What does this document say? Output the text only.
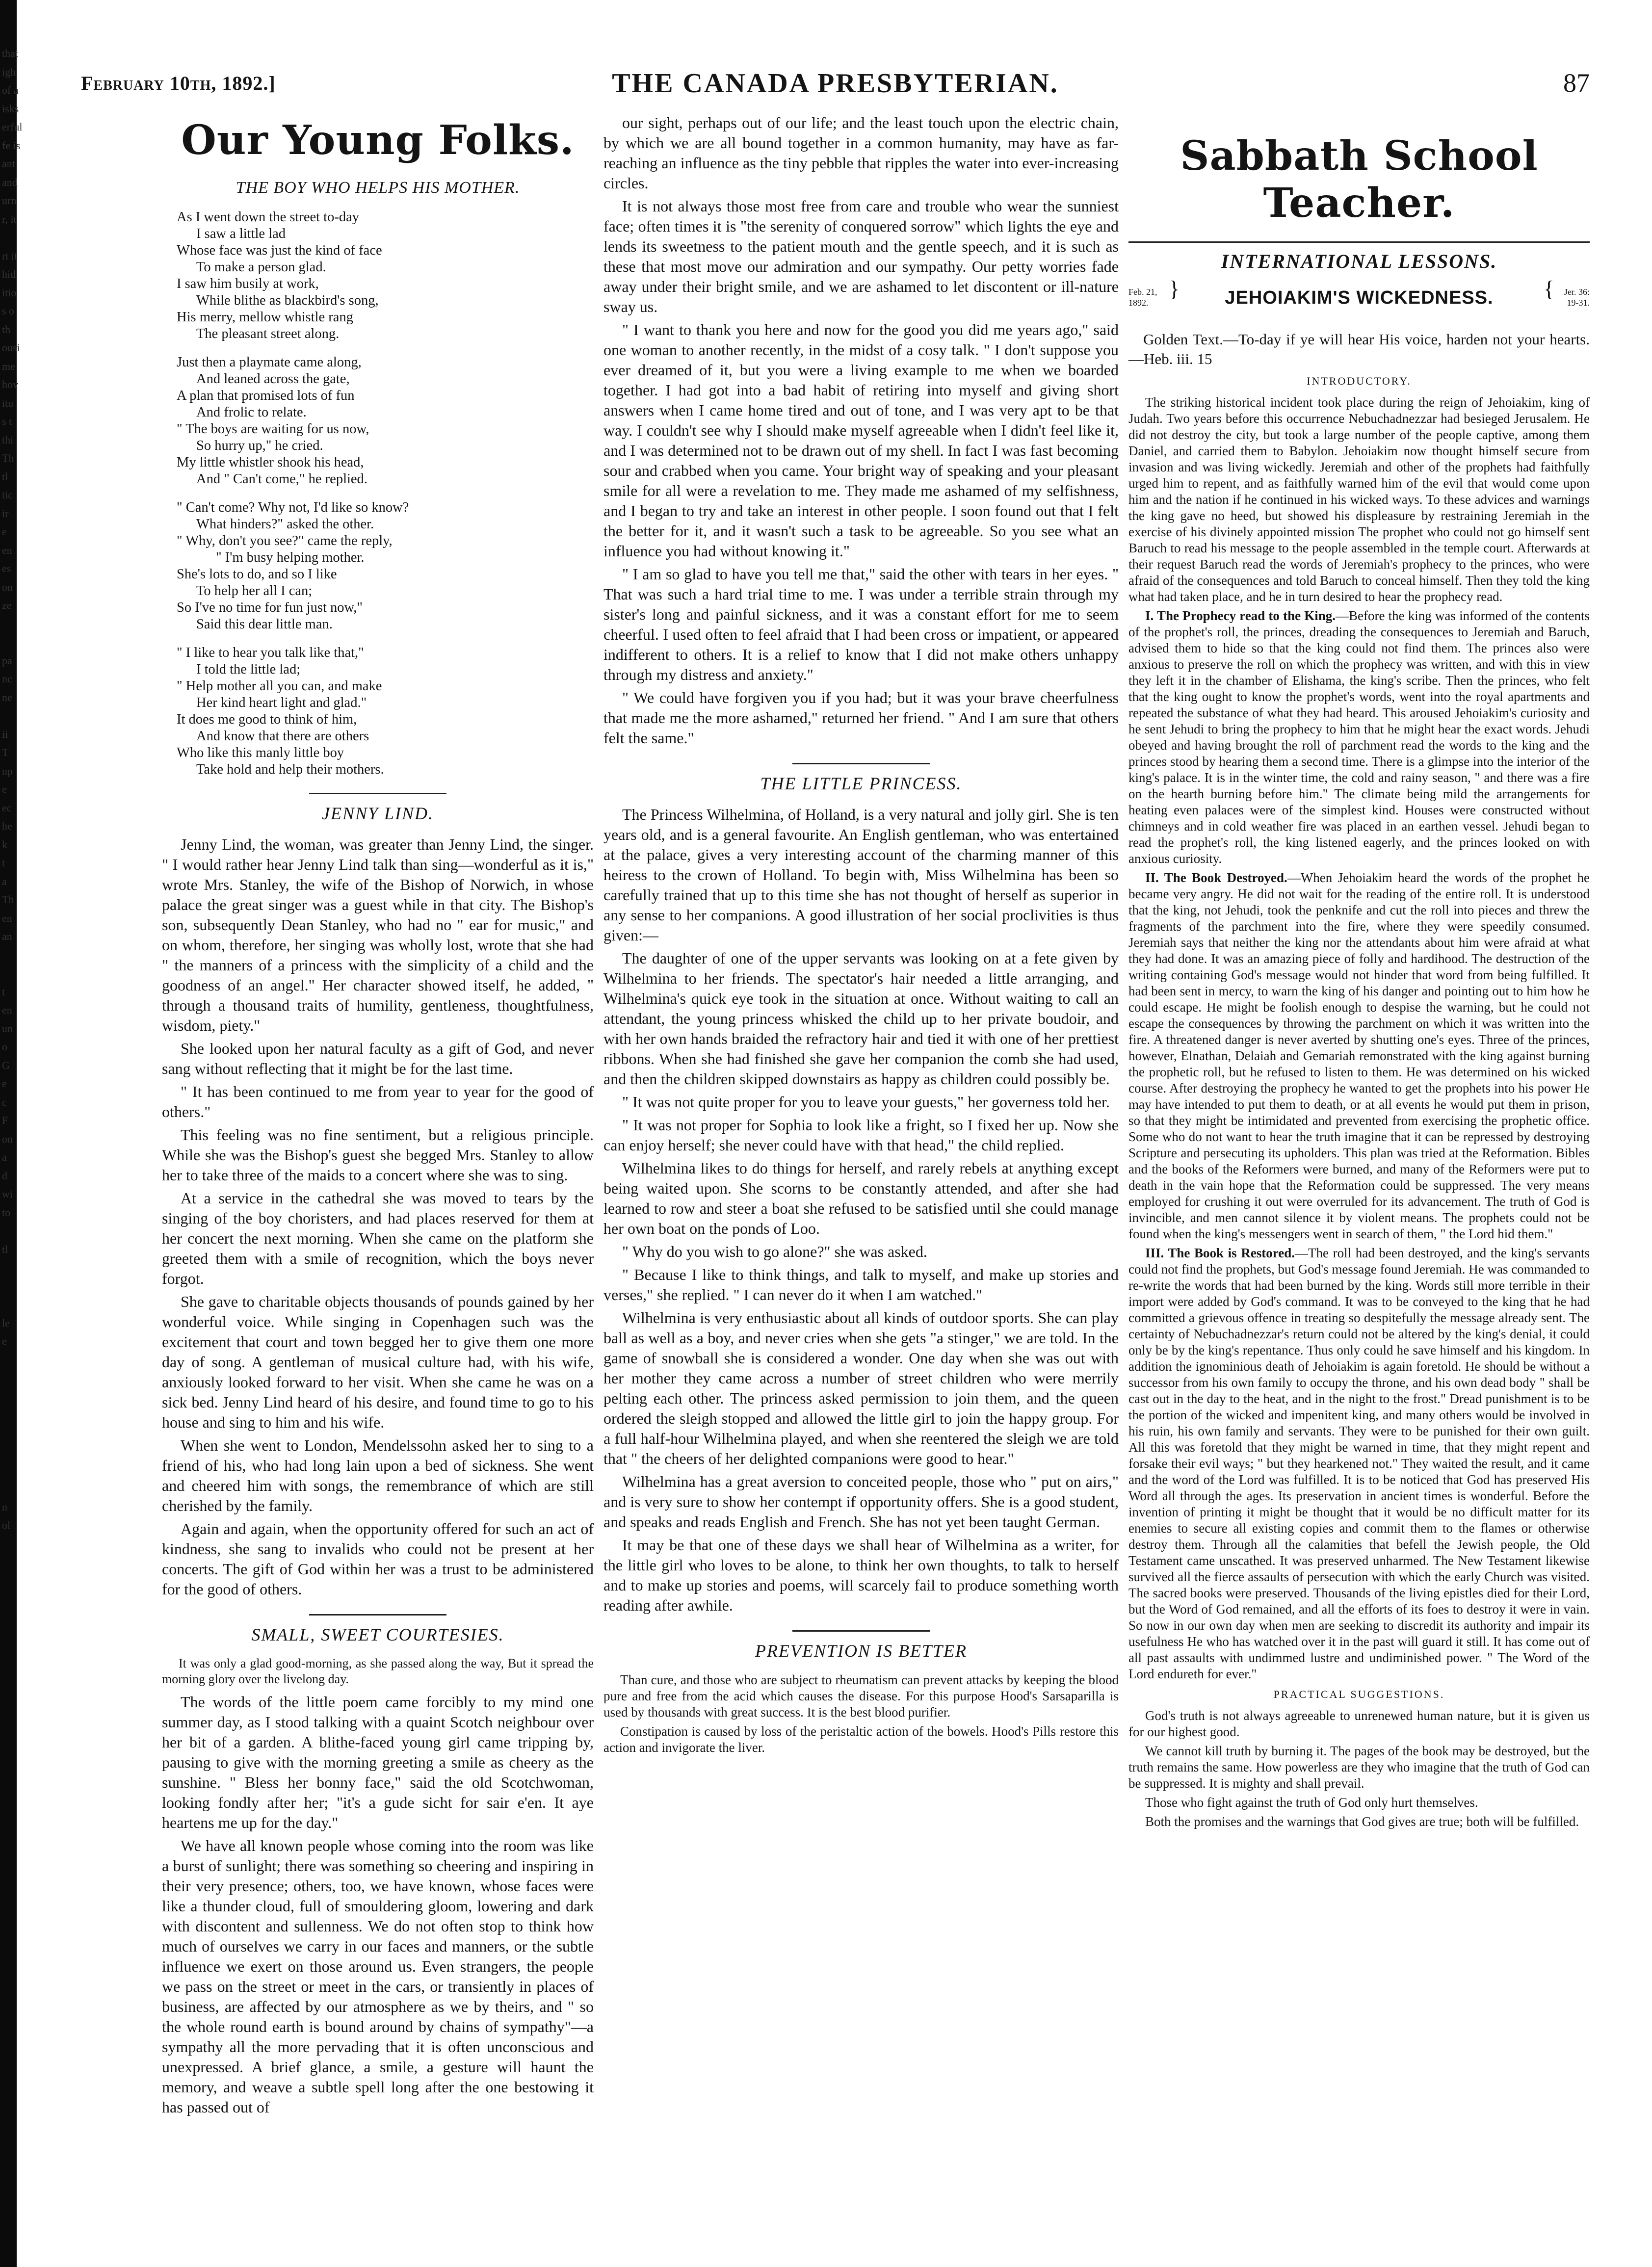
that
igh
of a
isks
erful
fe is
ant
and
urn
r, it
rt it
hid
itio
s o
th
ousi
me
hov
itu
s t
thi
Th
tl
tic
ir
e
en
es
on
ze
pa
nc
ne
ii
T
np
e
ec
he
k
t
a
Th
en
an
t
en
un
o
G
e
c
F
on
a
d
wi
to
tl
le
e
n
ol
February 10th, 1892.]	THE CANADA PRESBYTERIAN.	87
Our Young Folks.
THE BOY WHO HELPS HIS MOTHER.
As I went down the street to-day
I saw a little lad
Whose face was just the kind of face
To make a person glad.
I saw him busily at work,
While blithe as blackbird's song,
His merry, mellow whistle rang
The pleasant street along.
Just then a playmate came along,
And leaned across the gate,
A plan that promised lots of fun
And frolic to relate.
" The boys are waiting for us now,
So hurry up," he cried.
My little whistler shook his head,
And " Can't come," he replied.
" Can't come? Why not, I'd like so know?
What hinders?" asked the other.
" Why, don't you see?" came the reply,
" I'm busy helping mother.
She's lots to do, and so I like
To help her all I can;
So I've no time for fun just now,"
Said this dear little man.
" I like to hear you talk like that,"
I told the little lad;
" Help mother all you can, and make
Her kind heart light and glad."
It does me good to think of him,
And know that there are others
Who like this manly little boy
Take hold and help their mothers.
JENNY LIND.

Jenny Lind, the woman, was greater than Jenny Lind, the singer. " I would rather hear Jenny Lind talk than sing—wonderful as it is," wrote Mrs. Stanley, the wife of the Bishop of Norwich, in whose palace the great singer was a guest while in that city. The Bishop's son, subsequently Dean Stanley, who had no " ear for music," and on whom, therefore, her singing was wholly lost, wrote that she had " the manners of a princess with the simplicity of a child and the goodness of an angel." Her character showed itself, he added, " through a thousand traits of humility, gentleness, thoughtfulness, wisdom, piety."

She looked upon her natural faculty as a gift of God, and never sang without reflecting that it might be for the last time.

" It has been continued to me from year to year for the good of others."

This feeling was no fine sentiment, but a religious principle. While she was the Bishop's guest she begged Mrs. Stanley to allow her to take three of the maids to a concert where she was to sing.

At a service in the cathedral she was moved to tears by the singing of the boy choristers, and had places reserved for them at her concert the next morning. When she came on the platform she greeted them with a smile of recognition, which the boys never forgot.

She gave to charitable objects thousands of pounds gained by her wonderful voice. While singing in Copenhagen such was the excitement that court and town begged her to give them one more day of song. A gentleman of musical culture had, with his wife, anxiously looked forward to her visit. When she came he was on a sick bed. Jenny Lind heard of his desire, and found time to go to his house and sing to him and his wife.

When she went to London, Mendelssohn asked her to sing to a friend of his, who had long lain upon a bed of sickness. She went and cheered him with songs, the remembrance of which are still cherished by the family.

Again and again, when the opportunity offered for such an act of kindness, she sang to invalids who could not be present at her concerts. The gift of God within her was a trust to be administered for the good of others.

SMALL, SWEET COURTESIES.
It was only a glad good-morning, as she passed along the way, But it spread the morning glory over the livelong day.

The words of the little poem came forcibly to my mind one summer day, as I stood talking with a quaint Scotch neighbour over her bit of a garden. A blithe-faced young girl came tripping by, pausing to give with the morning greeting a smile as cheery as the sunshine. " Bless her bonny face," said the old Scotchwoman, looking fondly after her; "it's a gude sicht for sair e'en. It aye heartens me up for the day."

We have all known people whose coming into the room was like a burst of sunlight; there was something so cheering and inspiring in their very presence; others, too, we have known, whose faces were like a thunder cloud, full of smouldering gloom, lowering and dark with discontent and sullenness. We do not often stop to think how much of ourselves we carry in our faces and manners, or the subtle influence we exert on those around us. Even strangers, the people we pass on the street or meet in the cars, or transiently in places of business, are affected by our atmosphere as we by theirs, and " so the whole round earth is bound around by chains of sympathy"—a sympathy all the more pervading that it is often unconscious and unexpressed. A brief glance, a smile, a gesture will haunt the memory, and weave a subtle spell long after the one bestowing it has passed out of

our sight, perhaps out of our life; and the least touch upon the electric chain, by which we are all bound together in a common humanity, may have as far-reaching an influence as the tiny pebble that ripples the water into ever-increasing circles.

It is not always those most free from care and trouble who wear the sunniest face; often times it is "the serenity of conquered sorrow" which lights the eye and lends its sweetness to the patient mouth and the gentle speech, and it is such as these that most move our admiration and our sympathy. Our petty worries fade away under their bright smile, and we are ashamed to let discontent or ill-nature sway us.

" I want to thank you here and now for the good you did me years ago," said one woman to another recently, in the midst of a cosy talk. " I don't suppose you ever dreamed of it, but you were a living example to me when we boarded together. I had got into a bad habit of retiring into myself and giving short answers when I came home tired and out of tone, and I was very apt to be that way. I couldn't see why I should make myself agreeable when I didn't feel like it, and I was determined not to be drawn out of my shell. In fact I was fast becoming sour and crabbed when you came. Your bright way of speaking and your pleasant smile for all were a revelation to me. They made me ashamed of my selfishness, and I began to try and take an interest in other people. I soon found out that I felt the better for it, and it wasn't such a task to be agreeable. So you see what an influence you had without knowing it."

" I am so glad to have you tell me that," said the other with tears in her eyes. " That was such a hard trial time to me. I was under a terrible strain through my sister's long and painful sickness, and it was a constant effort for me to seem cheerful. I used often to feel afraid that I had been cross or impatient, or appeared indifferent to others. It is a relief to know that I did not make others unhappy through my distress and anxiety."

" We could have forgiven you if you had; but it was your brave cheerfulness that made me the more ashamed," returned her friend. " And I am sure that others felt the same."

THE LITTLE PRINCESS.

The Princess Wilhelmina, of Holland, is a very natural and jolly girl. She is ten years old, and is a general favourite. An English gentleman, who was entertained at the palace, gives a very interesting account of the charming manner of this heiress to the crown of Holland. To begin with, Miss Wilhelmina has been so carefully trained that up to this time she has not thought of herself as superior in any sense to her companions. A good illustration of her social proclivities is thus given:—

The daughter of one of the upper servants was looking on at a fete given by Wilhelmina to her friends. The spectator's hair needed a little arranging, and Wilhelmina's quick eye took in the situation at once. Without waiting to call an attendant, the young princess whisked the child up to her private boudoir, and with her own hands braided the refractory hair and tied it with one of her prettiest ribbons. When she had finished she gave her companion the comb she had used, and then the children skipped downstairs as happy as children could possibly be.

" It was not quite proper for you to leave your guests," her governess told her.

" It was not proper for Sophia to look like a fright, so I fixed her up. Now she can enjoy herself; she never could have with that head," the child replied.

Wilhelmina likes to do things for herself, and rarely rebels at anything except being waited upon. She scorns to be constantly attended, and after she had learned to row and steer a boat she refused to be satisfied until she could manage her own boat on the ponds of Loo.

" Why do you wish to go alone?" she was asked.

" Because I like to think things, and talk to myself, and make up stories and verses," she replied. " I can never do it when I am watched."

Wilhelmina is very enthusiastic about all kinds of outdoor sports. She can play ball as well as a boy, and never cries when she gets "a stinger," we are told. In the game of snowball she is considered a wonder. One day when she was out with her mother they came across a number of street children who were merrily pelting each other. The princess asked permission to join them, and the queen ordered the sleigh stopped and allowed the little girl to join the happy group. For a full half-hour Wilhelmina played, and when she reentered the sleigh we are told that " the cheers of her delighted companions were good to hear."

Wilhelmina has a great aversion to conceited people, those who " put on airs," and is very sure to show her contempt if opportunity offers. She is a good student, and speaks and reads English and French. She has not yet been taught German.

It may be that one of these days we shall hear of Wilhelmina as a writer, for the little girl who loves to be alone, to think her own thoughts, to talk to herself and to make up stories and poems, will scarcely fail to produce something worth reading after awhile.

PREVENTION IS BETTER

Than cure, and those who are subject to rheumatism can prevent attacks by keeping the blood pure and free from the acid which causes the disease. For this purpose Hood's Sarsaparilla is used by thousands with great success. It is the best blood purifier.

Constipation is caused by loss of the peristaltic action of the bowels. Hood's Pills restore this action and invigorate the liver.

Sabbath School Teacher.
INTERNATIONAL LESSONS.
Feb. 21, 1892. }	JEHOIAKIM'S WICKEDNESS.
{	Jer. 36: 19-31.
Golden Text.—To-day if ye will hear His voice, harden not your hearts.—Heb. iii. 15
INTRODUCTORY.

The striking historical incident took place during the reign of Jehoiakim, king of Judah. Two years before this occurrence Nebuchadnezzar had besieged Jerusalem. He did not destroy the city, but took a large number of the people captive, among them Daniel, and carried them to Babylon. Jehoiakim now thought himself secure from invasion and was living wickedly. Jeremiah and other of the prophets had faithfully urged him to repent, and as faithfully warned him of the evil that would come upon him and the nation if he continued in his wicked ways. To these advices and warnings the king gave no heed, but showed his displeasure by restraining Jeremiah in the exercise of his divinely appointed mission The prophet who could not go himself sent Baruch to read his message to the people assembled in the temple court. Afterwards at their request Baruch read the words of Jeremiah's prophecy to the princes, who were afraid of the consequences and told Baruch to conceal himself. Then they told the king what had taken place, and he in turn desired to hear the prophecy read.

I. The Prophecy read to the King.—Before the king was informed of the contents of the prophet's roll, the princes, dreading the consequences to Jeremiah and Baruch, advised them to hide so that the king could not find them. The princes also were anxious to preserve the roll on which the prophecy was written, and with this in view they left it in the chamber of Elishama, the king's scribe. Then the princes, who felt that the king ought to know the prophet's words, went into the royal apartments and repeated the substance of what they had heard. This aroused Jehoiakim's curiosity and he sent Jehudi to bring the prophecy to him that he might hear the exact words. Jehudi obeyed and having brought the roll of parchment read the words to the king and the princes stood by hearing them a second time. There is a glimpse into the interior of the king's palace. It is in the winter time, the cold and rainy season, " and there was a fire on the hearth burning before him." The climate being mild the arrangements for heating even palaces were of the simplest kind. Houses were constructed without chimneys and in cold weather fire was placed in an earthen vessel. Jehudi began to read the prophet's roll, the king listened eagerly, and the princes looked on with anxious curiosity.

II. The Book Destroyed.—When Jehoiakim heard the words of the prophet he became very angry. He did not wait for the reading of the entire roll. It is understood that the king, not Jehudi, took the penknife and cut the roll into pieces and threw the fragments of the parchment into the fire, where they were speedily consumed. Jeremiah says that neither the king nor the attendants about him were afraid at what they had done. It was an amazing piece of folly and hardihood. The destruction of the writing containing God's message would not hinder that word from being fulfilled. It had been sent in mercy, to warn the king of his danger and pointing out to him how he could escape. He might be foolish enough to despise the warning, but he could not escape the consequences by throwing the parchment on which it was written into the fire. A threatened danger is never averted by shutting one's eyes. Three of the princes, however, Elnathan, Delaiah and Gemariah remonstrated with the king against burning the prophetic roll, but he refused to listen to them. He was determined on his wicked course. After destroying the prophecy he wanted to get the prophets into his power He may have intended to put them to death, or at all events he would put them in prison, so that they might be intimidated and prevented from exercising the prophetic office. Some who do not want to hear the truth imagine that it can be repressed by destroying Scripture and persecuting its upholders. This plan was tried at the Reformation. Bibles and the books of the Reformers were burned, and many of the Reformers were put to death in the vain hope that the Reformation could be suppressed. The very means employed for crushing it out were overruled for its advancement. The truth of God is invincible, and men cannot silence it by violent means. The prophets could not be found when the king's messengers went in search of them, " the Lord hid them."

III. The Book is Restored.—The roll had been destroyed, and the king's servants could not find the prophets, but God's message found Jeremiah. He was commanded to re-write the words that had been burned by the king. Words still more terrible in their import were added by God's command. It was to be conveyed to the king that he had committed a grievous offence in treating so despitefully the message already sent. The certainty of Nebuchadnezzar's return could not be altered by the king's denial, it could only be by the king's repentance. Thus only could he save himself and his kingdom. In addition the ignominious death of Jehoiakim is again foretold. He should be without a successor from his own family to occupy the throne, and his own dead body " shall be cast out in the day to the heat, and in the night to the frost." Dread punishment is to be the portion of the wicked and impenitent king, and many others would be involved in his ruin, his own family and servants. They were to be punished for their own guilt. All this was foretold that they might be warned in time, that they might repent and forsake their evil ways; " but they hearkened not." They waited the result, and it came and the word of the Lord was fulfilled. It is to be noticed that God has preserved His Word all through the ages. Its preservation in ancient times is wonderful. Before the invention of printing it might be thought that it would be no difficult matter for its enemies to secure all existing copies and commit them to the flames or otherwise destroy them. Through all the calamities that befell the Jewish people, the Old Testament came unscathed. It was preserved unharmed. The New Testament likewise survived all the fierce assaults of persecution with which the early Church was visited. The sacred books were preserved. Thousands of the living epistles died for their Lord, but the Word of God remained, and all the efforts of its foes to destroy it were in vain. So now in our own day when men are seeking to discredit its authority and impair its usefulness He who has watched over it in the past will guard it still. It has come out of all past assaults with undimmed lustre and undiminished power. " The Word of the Lord endureth for ever."

PRACTICAL SUGGESTIONS.

God's truth is not always agreeable to unrenewed human nature, but it is given us for our highest good.

We cannot kill truth by burning it. The pages of the book may be destroyed, but the truth remains the same. How powerless are they who imagine that the truth of God can be suppressed. It is mighty and shall prevail.

Those who fight against the truth of God only hurt themselves.

Both the promises and the warnings that God gives are true; both will be fulfilled.
